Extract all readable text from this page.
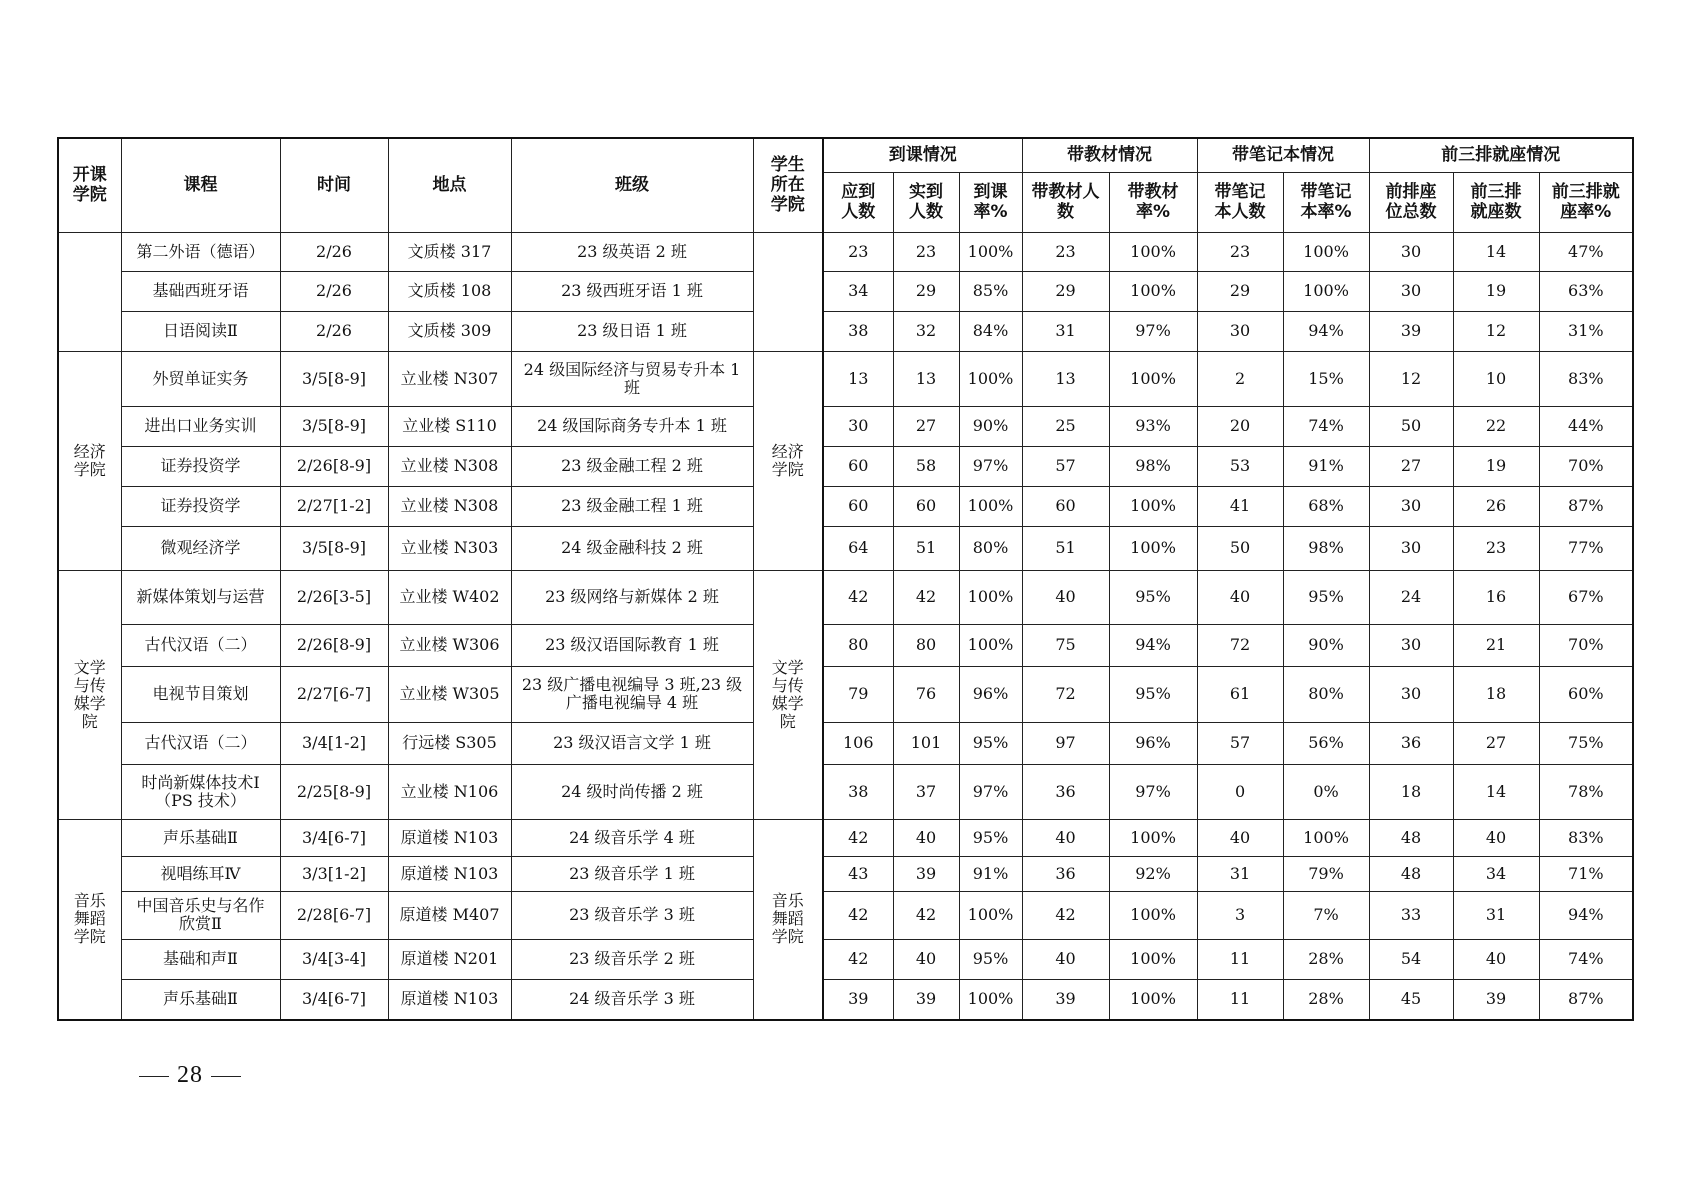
开课学院	课程	时间	地点	班级	学生所在学院	到课情况			带教材情况		带笔记本情况		前三排就座情况		
						应到人数	实到人数	到课率%	带教材人数	带教材率%	带笔记本人数	带笔记本率%	前排座位总数	前三排就座数	前三排就座率%
	第二外语（德语）	2/26	文质楼 317	23 级英语 2 班		23	23	100%	23	100%	23	100%	30	14	47%
	基础西班牙语	2/26	文质楼 108	23 级西班牙语 1 班		34	29	85%	29	100%	29	100%	30	19	63%
	日语阅读Ⅱ	2/26	文质楼 309	23 级日语 1 班		38	32	84%	31	97%	30	94%	39	12	31%
经济学院	外贸单证实务	3/5[8-9]	立业楼 N307	24 级国际经济与贸易专升本 1 班	经济学院	13	13	100%	13	100%	2	15%	12	10	83%
	进出口业务实训	3/5[8-9]	立业楼 S110	24 级国际商务专升本 1 班		30	27	90%	25	93%	20	74%	50	22	44%
	证券投资学	2/26[8-9]	立业楼 N308	23 级金融工程 2 班		60	58	97%	57	98%	53	91%	27	19	70%
	证券投资学	2/27[1-2]	立业楼 N308	23 级金融工程 1 班		60	60	100%	60	100%	41	68%	30	26	87%
	微观经济学	3/5[8-9]	立业楼 N303	24 级金融科技 2 班		64	51	80%	51	100%	50	98%	30	23	77%
文学与传媒学院	新媒体策划与运营	2/26[3-5]	立业楼 W402	23 级网络与新媒体 2 班	文学与传媒学院	42	42	100%	40	95%	40	95%	24	16	67%
	古代汉语（二）	2/26[8-9]	立业楼 W306	23 级汉语国际教育 1 班		80	80	100%	75	94%	72	90%	30	21	70%
	电视节目策划	2/27[6-7]	立业楼 W305	23 级广播电视编导 3 班,23 级广播电视编导 4 班		79	76	96%	72	95%	61	80%	30	18	60%
	古代汉语（二）	3/4[1-2]	行远楼 S305	23 级汉语言文学 1 班		106	101	95%	97	96%	57	56%	36	27	75%
	时尚新媒体技术Ⅰ（PS 技术）	2/25[8-9]	立业楼 N106	24 级时尚传播 2 班		38	37	97%	36	97%	0	0%	18	14	78%
音乐舞蹈学院	声乐基础Ⅱ	3/4[6-7]	原道楼 N103	24 级音乐学 4 班	音乐舞蹈学院	42	40	95%	40	100%	40	100%	48	40	83%
	视唱练耳Ⅳ	3/3[1-2]	原道楼 N103	23 级音乐学 1 班		43	39	91%	36	92%	31	79%	48	34	71%
	中国音乐史与名作欣赏Ⅱ	2/28[6-7]	原道楼 M407	23 级音乐学 3 班		42	42	100%	42	100%	3	7%	33	31	94%
	基础和声Ⅱ	3/4[3-4]	原道楼 N201	23 级音乐学 2 班		42	40	95%	40	100%	11	28%	54	40	74%
	声乐基础Ⅱ	3/4[6-7]	原道楼 N103	24 级音乐学 3 班		39	39	100%	39	100%	11	28%	45	39	87%
28
